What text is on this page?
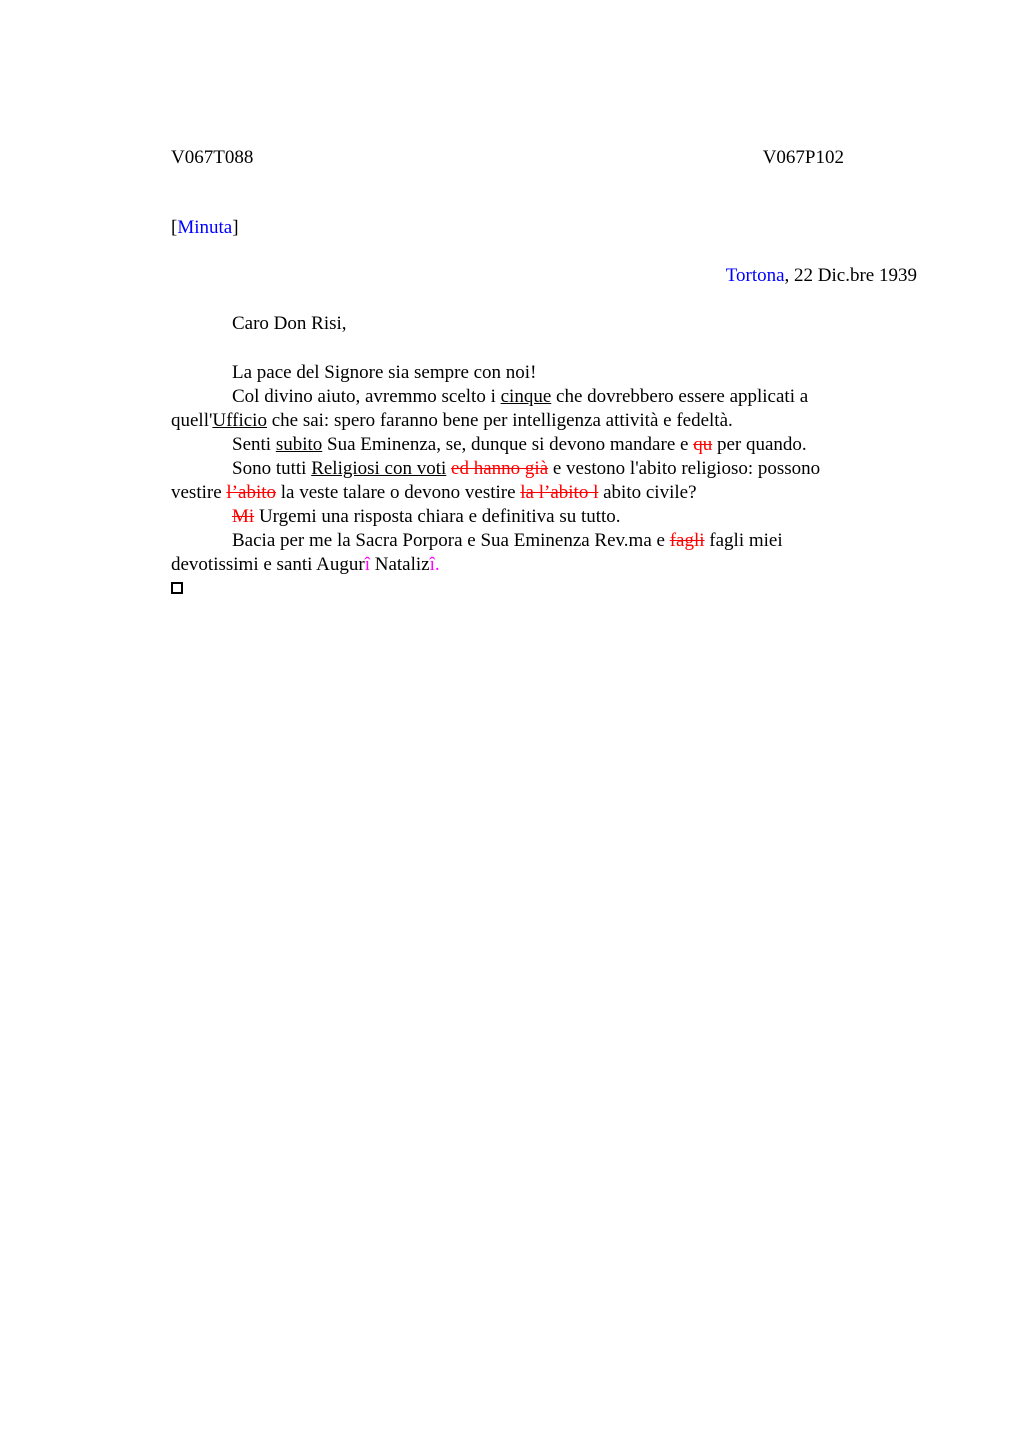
V067T088	V067P102
[Minuta]
Tortona, 22 Dic.bre 1939
Caro Don Risi,

La pace del Signore sia sempre con noi!

Col divino aiuto, avremmo scelto i cinque che dovrebbero essere applicati a quell'Ufficio che sai: spero faranno bene per intelligenza attività e fedeltà.

Senti subito Sua Eminenza, se, dunque si devono mandare e qu per quando.

Sono tutti Religiosi con voti ed hanno già e vestono l'abito religioso: possono vestire l’abito la veste talare o devono vestire la l’abito l abito civile?

Mi Urgemi una risposta chiara e definitiva su tutto.

Bacia per me la Sacra Porpora e Sua Eminenza Rev.ma e fagli fagli miei devotissimi e santi Augurî Natalizî.
